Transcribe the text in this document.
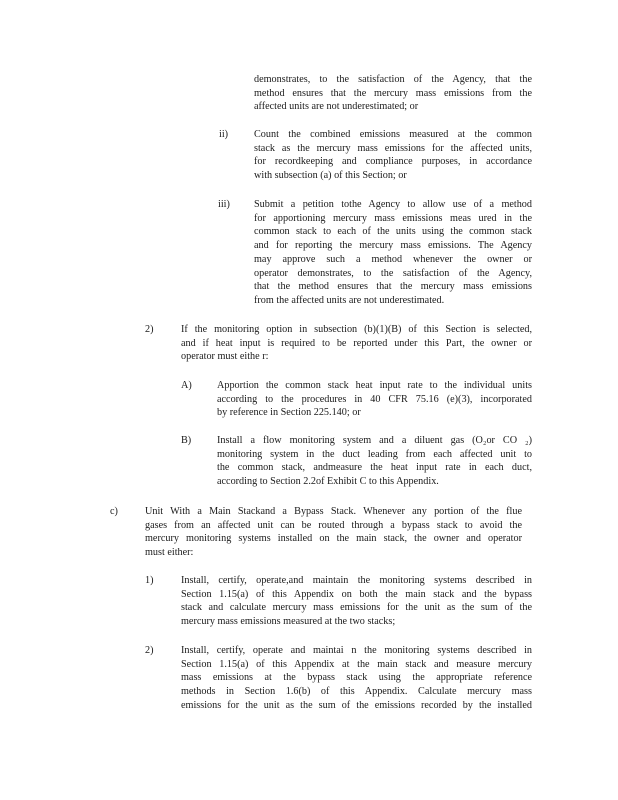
demonstrates, to the satisfaction of the Agency, that the
method ensures that the mercury mass emissions from the
affected units are not underestimated; or
ii)	Count the combined emissions measured at the common
stack as the mercury mass emissions for the affected units,
for recordkeeping and compliance purposes, in accordance
with subsection (a) of this Section; or
iii) Submit a petition tothe Agency to allow use of a method
for apportioning mercury mass emissions meas ured in the
common stack to each of the units using the common stack
and for reporting the mercury mass emissions. The Agency
may approve such a method whenever the owner or
operator demonstrates, to the satisfaction of the Agency,
that the method ensures that the mercury mass emissions
from the affected units are not underestimated.
2)	If the monitoring option in subsection (b)(1)(B) of this Section is selected,
and if heat input is required to be reported under this Part, the owner or
operator must eithe r:
A) Apportion the common stack heat input rate to the individual units
according to the procedures in 40 CFR 75.16 (e)(3), incorporated
by reference in Section 225.140; or
B)	Install a flow monitoring system and a diluent gas (O₂or CO ₂)
monitoring system in the duct leading from each affected unit to
the common stack, andmeasure the heat input rate in each duct,
according to Section 2.2of Exhibit C to this Appendix.
c)	Unit With a Main Stackand a Bypass Stack. Whenever any portion of the flue
gases from an affected unit can be routed through a bypass stack to avoid the
mercury monitoring systems installed on the main stack, the owner and operator
must either:
1)	Install, certify, operate,and maintain the monitoring systems described in
Section 1.15(a) of this Appendix on both the main stack and the bypass
stack and calculate mercury mass emissions for the unit as the sum of the
mercury mass emissions measured at the two stacks;
2)	Install, certify, operate and maintai n the monitoring systems described in
Section 1.15(a) of this Appendix at the main stack and measure mercury
mass emissions at the bypass stack using the appropriate reference
methods in Section 1.6(b) of this Appendix. Calculate mercury mass
emissions for the unit as the sum of the emissions recorded by the installed
